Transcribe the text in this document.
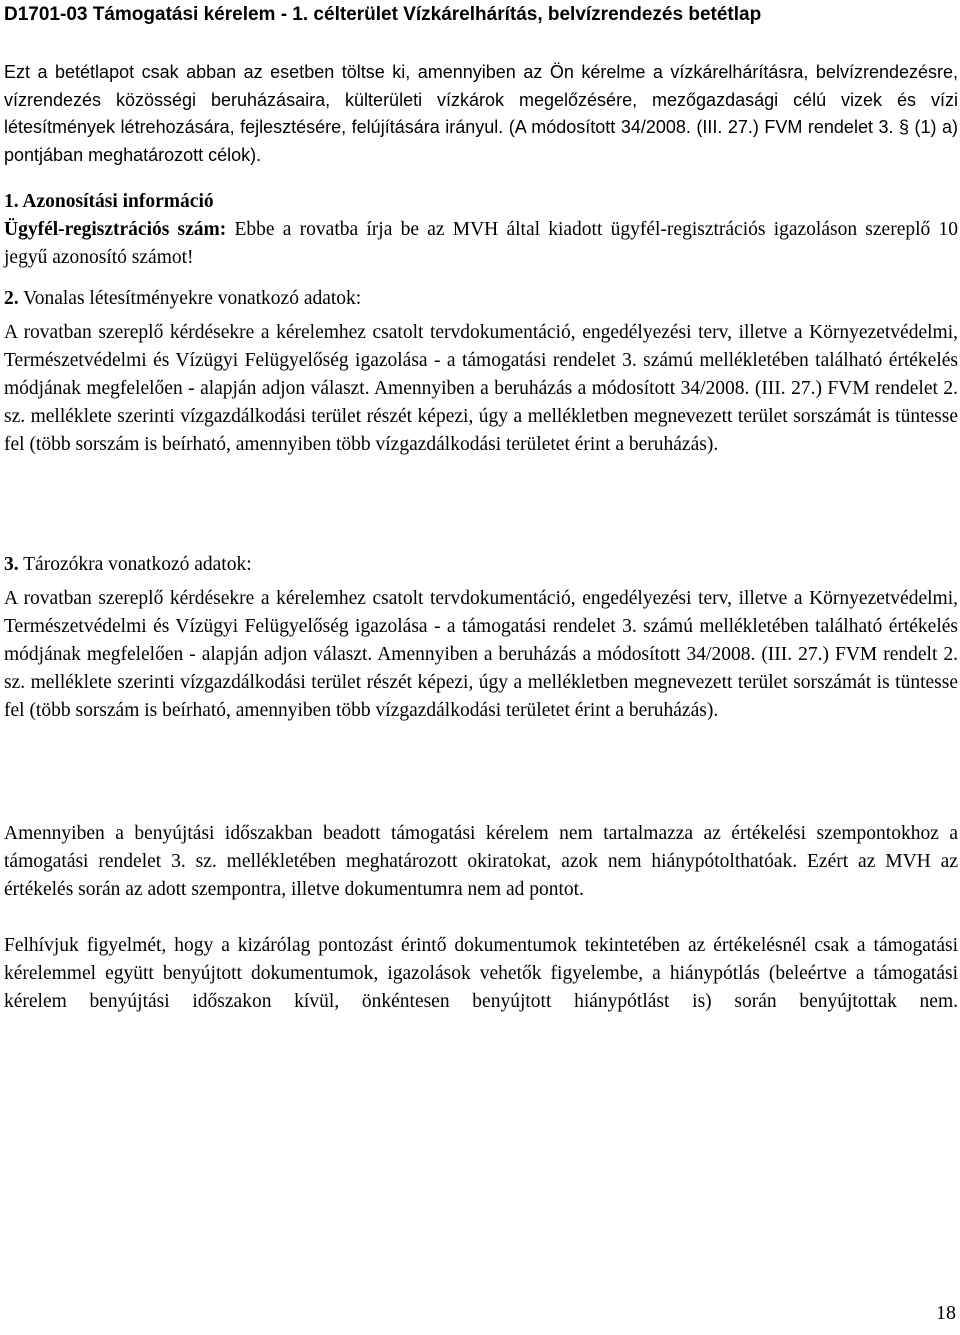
D1701-03 Támogatási kérelem - 1. célterület Vízkárelhárítás, belvízrendezés betétlap

Ezt a betétlapot csak abban az esetben töltse ki, amennyiben az Ön kérelme a vízkárelhárításra, belvízrendezésre, vízrendezés közösségi beruházásaira, külterületi vízkárok megelőzésére, mezőgazdasági célú vizek és vízi létesítmények létrehozására, fejlesztésére, felújítására irányul. (A módosított 34/2008. (III. 27.) FVM rendelet 3. § (1) a) pontjában meghatározott célok).

1. Azonosítási információ
Ügyfél-regisztrációs szám: Ebbe a rovatba írja be az MVH által kiadott ügyfél-regisztrációs igazoláson szereplő 10 jegyű azonosító számot!
2. Vonalas létesítményekre vonatkozó adatok:
A rovatban szereplő kérdésekre a kérelemhez csatolt tervdokumentáció, engedélyezési terv, illetve a Környezetvédelmi, Természetvédelmi és Vízügyi Felügyelőség igazolása - a támogatási rendelet 3. számú mellékletében található értékelés módjának megfelelően - alapján adjon választ. Amennyiben a beruházás a módosított 34/2008. (III. 27.) FVM rendelet 2. sz. melléklete szerinti vízgazdálkodási terület részét képezi, úgy a mellékletben megnevezett terület sorszámát is tüntesse fel (több sorszám is beírható, amennyiben több vízgazdálkodási területet érint a beruházás).
3. Tározókra vonatkozó adatok:
A rovatban szereplő kérdésekre a kérelemhez csatolt tervdokumentáció, engedélyezési terv, illetve a Környezetvédelmi, Természetvédelmi és Vízügyi Felügyelőség igazolása - a támogatási rendelet 3. számú mellékletében található értékelés módjának megfelelően - alapján adjon választ. Amennyiben a beruházás a módosított 34/2008. (III. 27.) FVM rendelt 2. sz. melléklete szerinti vízgazdálkodási terület részét képezi, úgy a mellékletben megnevezett terület sorszámát is tüntesse fel (több sorszám is beírható, amennyiben több vízgazdálkodási területet érint a beruházás).
Amennyiben a benyújtási időszakban beadott támogatási kérelem nem tartalmazza az értékelési szempontokhoz a támogatási rendelet 3. sz. mellékletében meghatározott okiratokat, azok nem hiánypótolthatóak. Ezért az MVH az értékelés során az adott szempontra, illetve dokumentumra nem ad pontot.
Felhívjuk figyelmét, hogy a kizárólag pontozást érintő dokumentumok tekintetében az értékelésnél csak a támogatási kérelemmel együtt benyújtott dokumentumok, igazolások vehetők figyelembe, a hiánypótlás (beleértve a támogatási kérelem benyújtási időszakon kívül, önkéntesen benyújtott hiánypótlást is) során benyújtottak nem.
18
